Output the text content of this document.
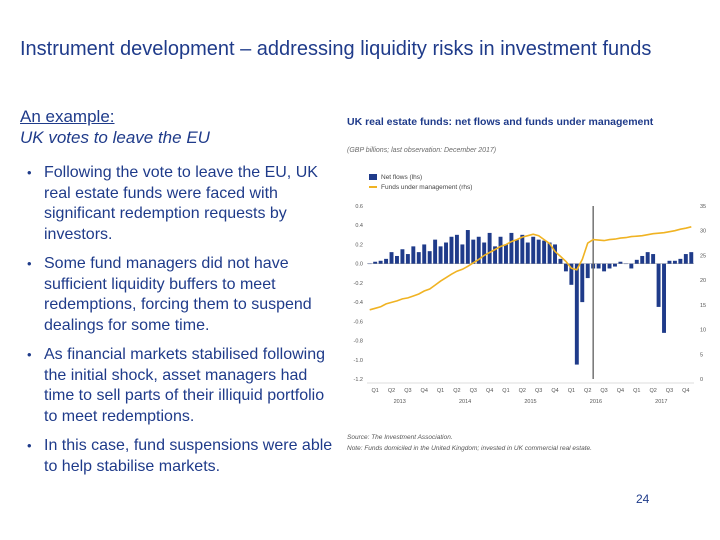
Instrument development – addressing liquidity risks in investment funds
An example:
UK votes to leave the EU
• Following the vote to leave the EU, UK real estate funds were faced with significant redemption requests by investors.
• Some fund managers did not have sufficient liquidity buffers to meet redemptions, forcing them to suspend dealings for some time.
• As financial markets stabilised following the initial shock, asset managers had time to sell parts of their illiquid portfolio to meet redemptions.
• In this case, fund suspensions were able to help stabilise markets.
UK real estate funds: net flows and funds under management
(GBP billions; last observation: December 2017)
Net flows (lhs)
Funds under management (rhs)
0.6
0.4
0.2
0.0
-0.2
-0.4
-0.6
-0.8
-1.0
-1.2
35
30
25
20
15
10
5
0
Q1 Q2 Q3 Q4 Q1 Q2 Q3 Q4 Q1 Q2 Q3 Q4 Q1 Q2 Q3 Q4 Q1 Q2 Q3 Q4
2013	2014	2015	2016	2017
Source: The Investment Association.
Note: Funds domiciled in the United Kingdom; invested in UK commercial real estate.
24
